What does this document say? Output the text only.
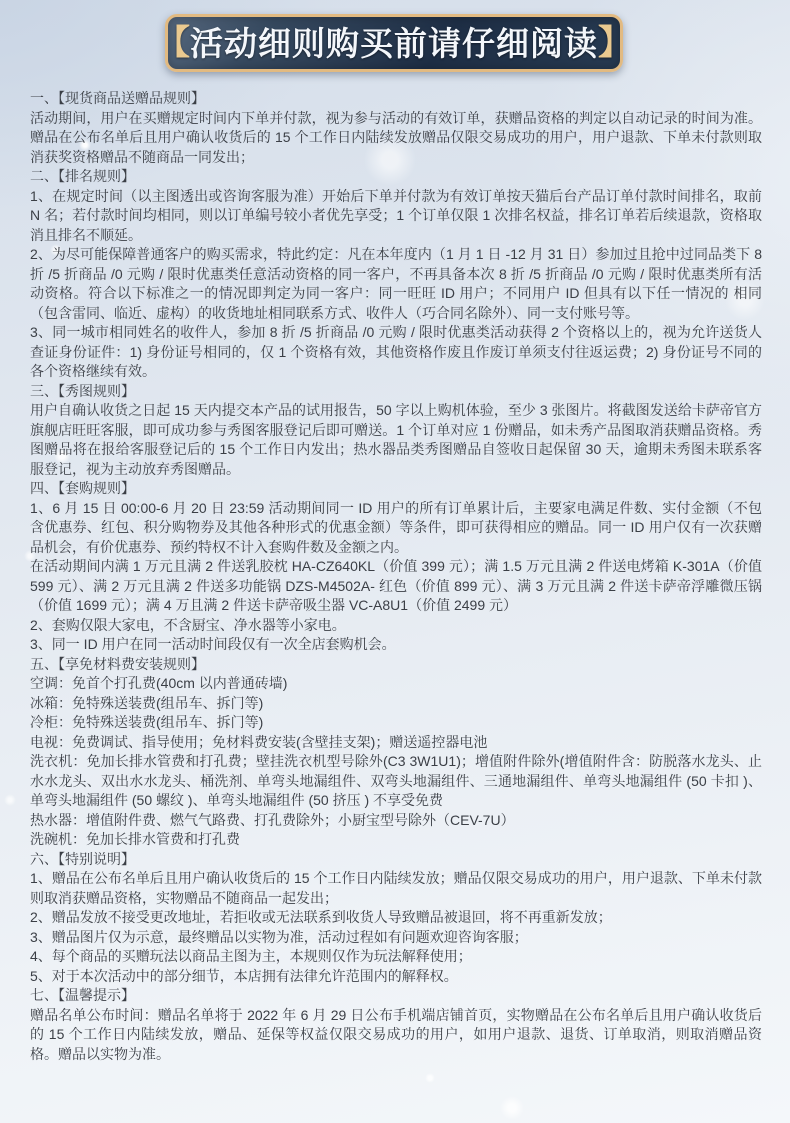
【 活动细则购买前请仔细阅读 】

一、【现货商品送赠品规则】

活动期间，用户在买赠规定时间内下单并付款，视为参与活动的有效订单，获赠品资格的判定以自动记录的时间为准。赠品在公布名单后且用户确认收货后的 15 个工作日内陆续发放赠品仅限交易成功的用户，用户退款、下单未付款则取消获奖资格赠品不随商品一同发出；

二、【排名规则】

1、在规定时间（以主图透出或咨询客服为准）开始后下单并付款为有效订单按天猫后台产品订单付款时间排名，取前 N 名；若付款时间均相同，则以订单编号较小者优先享受；1 个订单仅限 1 次排名权益，排名订单若后续退款，资格取消且排名不顺延。

2、为尽可能保障普通客户的购买需求，特此约定：凡在本年度内（1 月 1 日 -12 月 31 日）参加过且抢中过同品类下 8 折 /5 折商品 /0 元购 / 限时优惠类任意活动资格的同一客户，不再具备本次 8 折 /5 折商品 /0 元购 / 限时优惠类所有活动资格。符合以下标准之一的情况即判定为同一客户：同一旺旺 ID 用户；不同用户 ID 但具有以下任一情况的 相同（包含雷同、临近、虚构）的收货地址相同联系方式、收件人（巧合同名除外）、同一支付账号等。

3、同一城市相同姓名的收件人，参加 8 折 /5 折商品 /0 元购 / 限时优惠类活动获得 2 个资格以上的，视为允许送货人查证身份证件：1) 身份证号相同的，仅 1 个资格有效，其他资格作废且作废订单须支付往返运费；2) 身份证号不同的各个资格继续有效。

三、【秀图规则】

用户自确认收货之日起 15 天内提交本产品的试用报告，50 字以上购机体验，至少 3 张图片。将截图发送给卡萨帝官方旗舰店旺旺客服，即可成功参与秀图客服登记后即可赠送。1 个订单对应 1 份赠品，如未秀产品图取消获赠品资格。秀图赠品将在报给客服登记后的 15 个工作日内发出；热水器品类秀图赠品自签收日起保留 30 天，逾期未秀图未联系客服登记，视为主动放弃秀图赠品。

四、【套购规则】

1、6 月 15 日 00:00-6 月 20 日 23:59 活动期间同一 ID 用户的所有订单累计后，主要家电满足件数、实付金额（不包含优惠券、红包、积分购物券及其他各种形式的优惠金额）等条件，即可获得相应的赠品。同一 ID 用户仅有一次获赠品机会，有价优惠券、预约特权不计入套购件数及金额之内。

在活动期间内满 1 万元且满 2 件送乳胶枕 HA-CZ640KL（价值 399 元）；满 1.5 万元且满 2 件送电烤箱 K-301A（价值 599 元）、满 2 万元且满 2 件送多功能锅 DZS-M4502A- 红色（价值 899 元）、满 3 万元且满 2 件送卡萨帝浮雕微压锅（价值 1699 元）；满 4 万且满 2 件送卡萨帝吸尘器 VC-A8U1（价值 2499 元）

2、套购仅限大家电，不含厨宝、净水器等小家电。

3、同一 ID 用户在同一活动时间段仅有一次全店套购机会。

五、【享免材料费安装规则】

空调：免首个打孔费(40cm 以内普通砖墙)

冰箱：免特殊送装费(组吊车、拆门等)

冷柜：免特殊送装费(组吊车、拆门等)

电视：免费调试、指导使用；免材料费安装(含壁挂支架)；赠送遥控器电池

洗衣机：免加长排水管费和打孔费；壁挂洗衣机型号除外(C3 3W1U1)；增值附件除外(增值附件含：防脱落水龙头、止水水龙头、双出水水龙头、桶洗剂、单弯头地漏组件、双弯头地漏组件、三通地漏组件、单弯头地漏组件 (50 卡扣 )、单弯头地漏组件 (50 螺纹 )、单弯头地漏组件 (50 挤压 ) 不享受免费

热水器：增值附件费、燃气气路费、打孔费除外；小厨宝型号除外（CEV-7U）

洗碗机：免加长排水管费和打孔费

六、【特别说明】

1、赠品在公布名单后且用户确认收货后的 15 个工作日内陆续发放；赠品仅限交易成功的用户，用户退款、下单未付款则取消获赠品资格，实物赠品不随商品一起发出；

2、赠品发放不接受更改地址，若拒收或无法联系到收货人导致赠品被退回，将不再重新发放；

3、赠品图片仅为示意，最终赠品以实物为准，活动过程如有问题欢迎咨询客服；

4、每个商品的买赠玩法以商品主图为主，本规则仅作为玩法解释使用；

5、对于本次活动中的部分细节，本店拥有法律允许范围内的解释权。

七、【温馨提示】

赠品名单公布时间：赠品名单将于 2022 年 6 月 29 日公布手机端店铺首页，实物赠品在公布名单后且用户确认收货后的 15 个工作日内陆续发放，赠品、延保等权益仅限交易成功的用户，如用户退款、退货、订单取消，则取消赠品资格。赠品以实物为准。
